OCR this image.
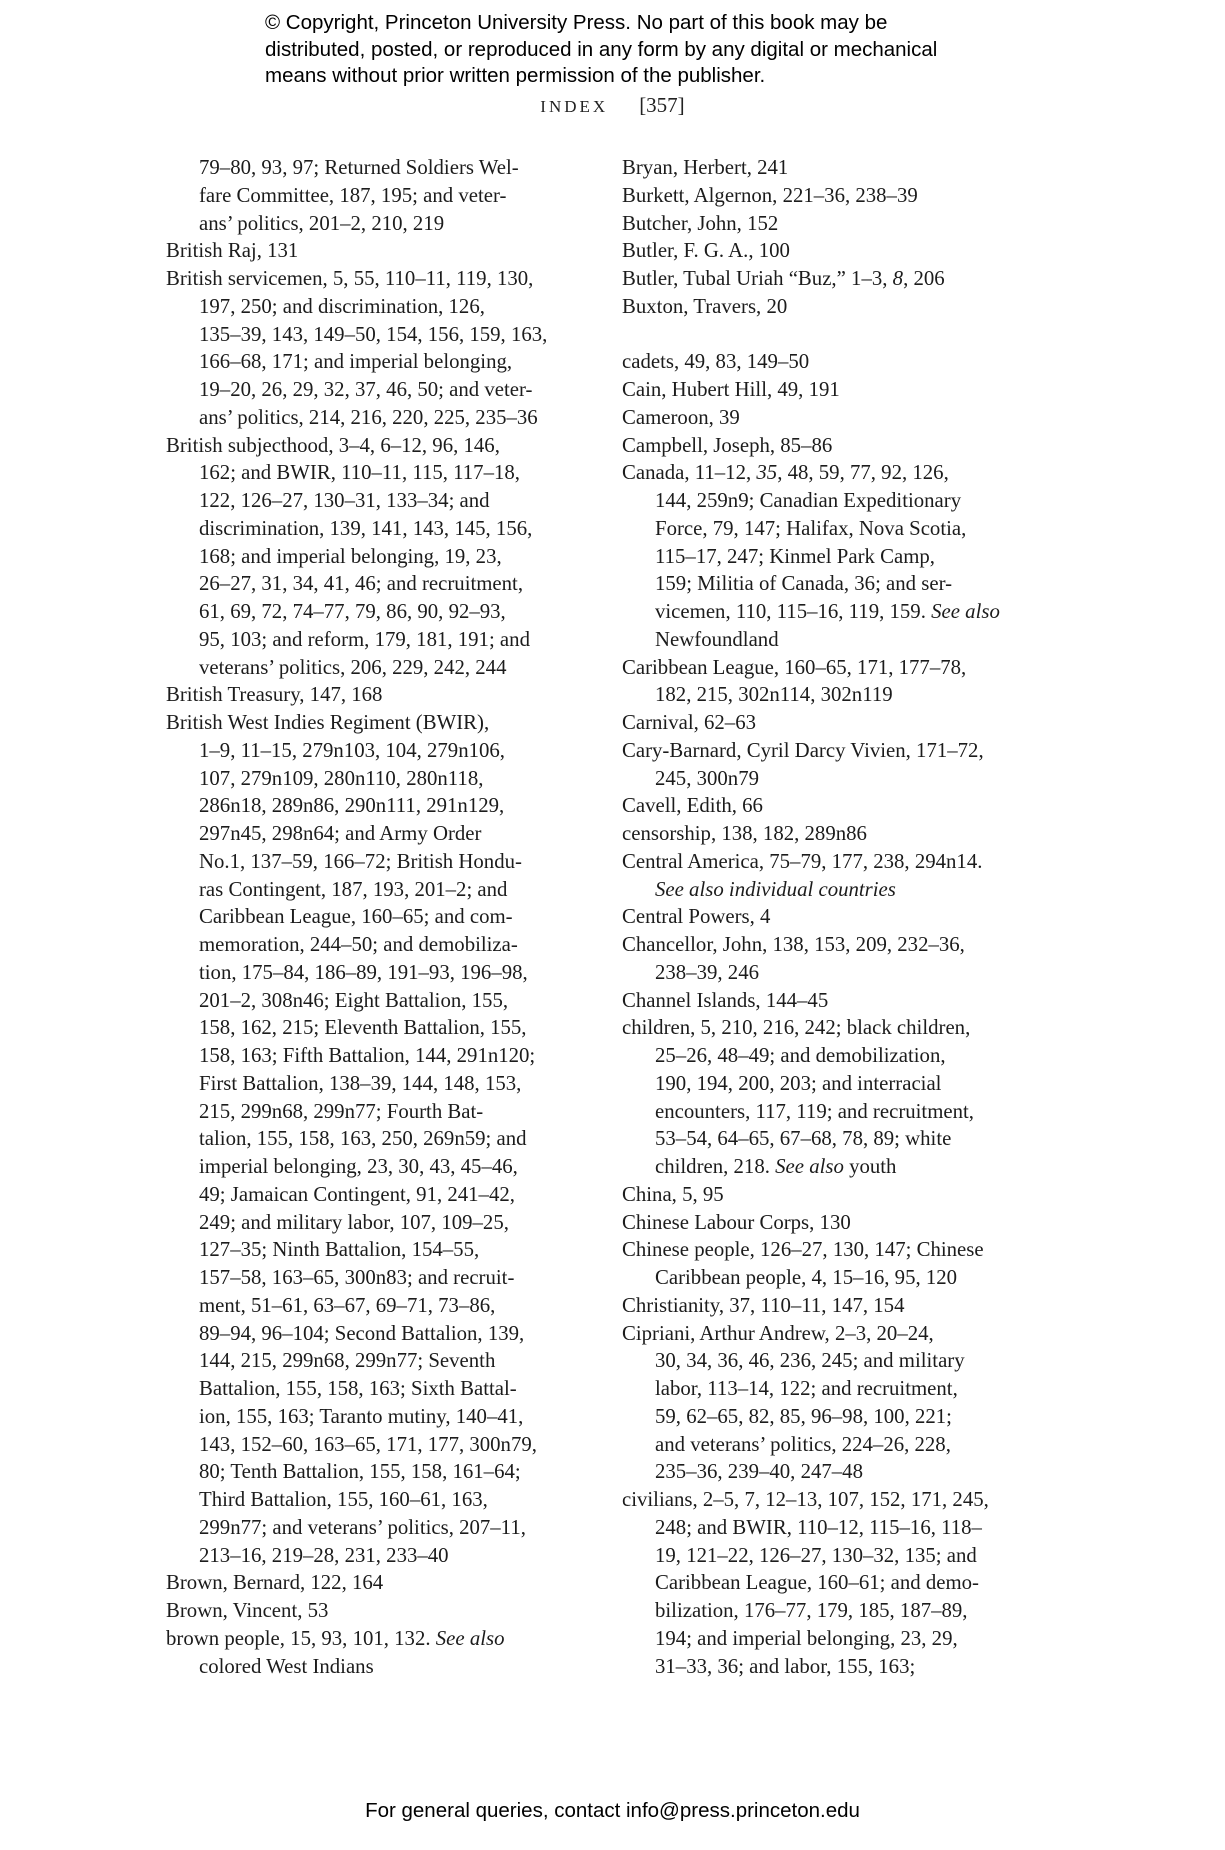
© Copyright, Princeton University Press. No part of this book may be
distributed, posted, or reproduced in any form by any digital or mechanical
means without prior written permission of the publisher.
INDEX [357]
79–80, 93, 97; Returned Soldiers Wel-
fare Committee, 187, 195; and veter-
ans’ politics, 201–2, 210, 219
British Raj, 131
British servicemen, 5, 55, 110–11, 119, 130,
197, 250; and discrimination, 126,
135–39, 143, 149–50, 154, 156, 159, 163,
166–68, 171; and imperial belonging,
19–20, 26, 29, 32, 37, 46, 50; and veter-
ans’ politics, 214, 216, 220, 225, 235–36
British subjecthood, 3–4, 6–12, 96, 146,
162; and BWIR, 110–11, 115, 117–18,
122, 126–27, 130–31, 133–34; and
discrimination, 139, 141, 143, 145, 156,
168; and imperial belonging, 19, 23,
26–27, 31, 34, 41, 46; and recruitment,
61, 69, 72, 74–77, 79, 86, 90, 92–93,
95, 103; and reform, 179, 181, 191; and
veterans’ politics, 206, 229, 242, 244
British Treasury, 147, 168
British West Indies Regiment (BWIR),
1–9, 11–15, 279n103, 104, 279n106,
107, 279n109, 280n110, 280n118,
286n18, 289n86, 290n111, 291n129,
297n45, 298n64; and Army Order
No.1, 137–59, 166–72; British Hondu-
ras Contingent, 187, 193, 201–2; and
Caribbean League, 160–65; and com-
memoration, 244–50; and demobiliza-
tion, 175–84, 186–89, 191–93, 196–98,
201–2, 308n46; Eight Battalion, 155,
158, 162, 215; Eleventh Battalion, 155,
158, 163; Fifth Battalion, 144, 291n120;
First Battalion, 138–39, 144, 148, 153,
215, 299n68, 299n77; Fourth Bat-
talion, 155, 158, 163, 250, 269n59; and
imperial belonging, 23, 30, 43, 45–46,
49; Jamaican Contingent, 91, 241–42,
249; and military labor, 107, 109–25,
127–35; Ninth Battalion, 154–55,
157–58, 163–65, 300n83; and recruit-
ment, 51–61, 63–67, 69–71, 73–86,
89–94, 96–104; Second Battalion, 139,
144, 215, 299n68, 299n77; Seventh
Battalion, 155, 158, 163; Sixth Battal-
ion, 155, 163; Taranto mutiny, 140–41,
143, 152–60, 163–65, 171, 177, 300n79,
80; Tenth Battalion, 155, 158, 161–64;
Third Battalion, 155, 160–61, 163,
299n77; and veterans’ politics, 207–11,
213–16, 219–28, 231, 233–40
Brown, Bernard, 122, 164
Brown, Vincent, 53
brown people, 15, 93, 101, 132. See also
colored West Indians
Bryan, Herbert, 241
Burkett, Algernon, 221–36, 238–39
Butcher, John, 152
Butler, F. G. A., 100
Butler, Tubal Uriah “Buz,” 1–3, 8, 206
Buxton, Travers, 20
cadets, 49, 83, 149–50
Cain, Hubert Hill, 49, 191
Cameroon, 39
Campbell, Joseph, 85–86
Canada, 11–12, 35, 48, 59, 77, 92, 126,
144, 259n9; Canadian Expeditionary
Force, 79, 147; Halifax, Nova Scotia,
115–17, 247; Kinmel Park Camp,
159; Militia of Canada, 36; and ser-
vicemen, 110, 115–16, 119, 159. See also
Newfoundland
Caribbean League, 160–65, 171, 177–78,
182, 215, 302n114, 302n119
Carnival, 62–63
Cary-Barnard, Cyril Darcy Vivien, 171–72,
245, 300n79
Cavell, Edith, 66
censorship, 138, 182, 289n86
Central America, 75–79, 177, 238, 294n14.
See also individual countries
Central Powers, 4
Chancellor, John, 138, 153, 209, 232–36,
238–39, 246
Channel Islands, 144–45
children, 5, 210, 216, 242; black children,
25–26, 48–49; and demobilization,
190, 194, 200, 203; and interracial
encounters, 117, 119; and recruitment,
53–54, 64–65, 67–68, 78, 89; white
children, 218. See also youth
China, 5, 95
Chinese Labour Corps, 130
Chinese people, 126–27, 130, 147; Chinese
Caribbean people, 4, 15–16, 95, 120
Christianity, 37, 110–11, 147, 154
Cipriani, Arthur Andrew, 2–3, 20–24,
30, 34, 36, 46, 236, 245; and military
labor, 113–14, 122; and recruitment,
59, 62–65, 82, 85, 96–98, 100, 221;
and veterans’ politics, 224–26, 228,
235–36, 239–40, 247–48
civilians, 2–5, 7, 12–13, 107, 152, 171, 245,
248; and BWIR, 110–12, 115–16, 118–
19, 121–22, 126–27, 130–32, 135; and
Caribbean League, 160–61; and demo-
bilization, 176–77, 179, 185, 187–89,
194; and imperial belonging, 23, 29,
31–33, 36; and labor, 155, 163;
For general queries, contact info@press.princeton.edu
